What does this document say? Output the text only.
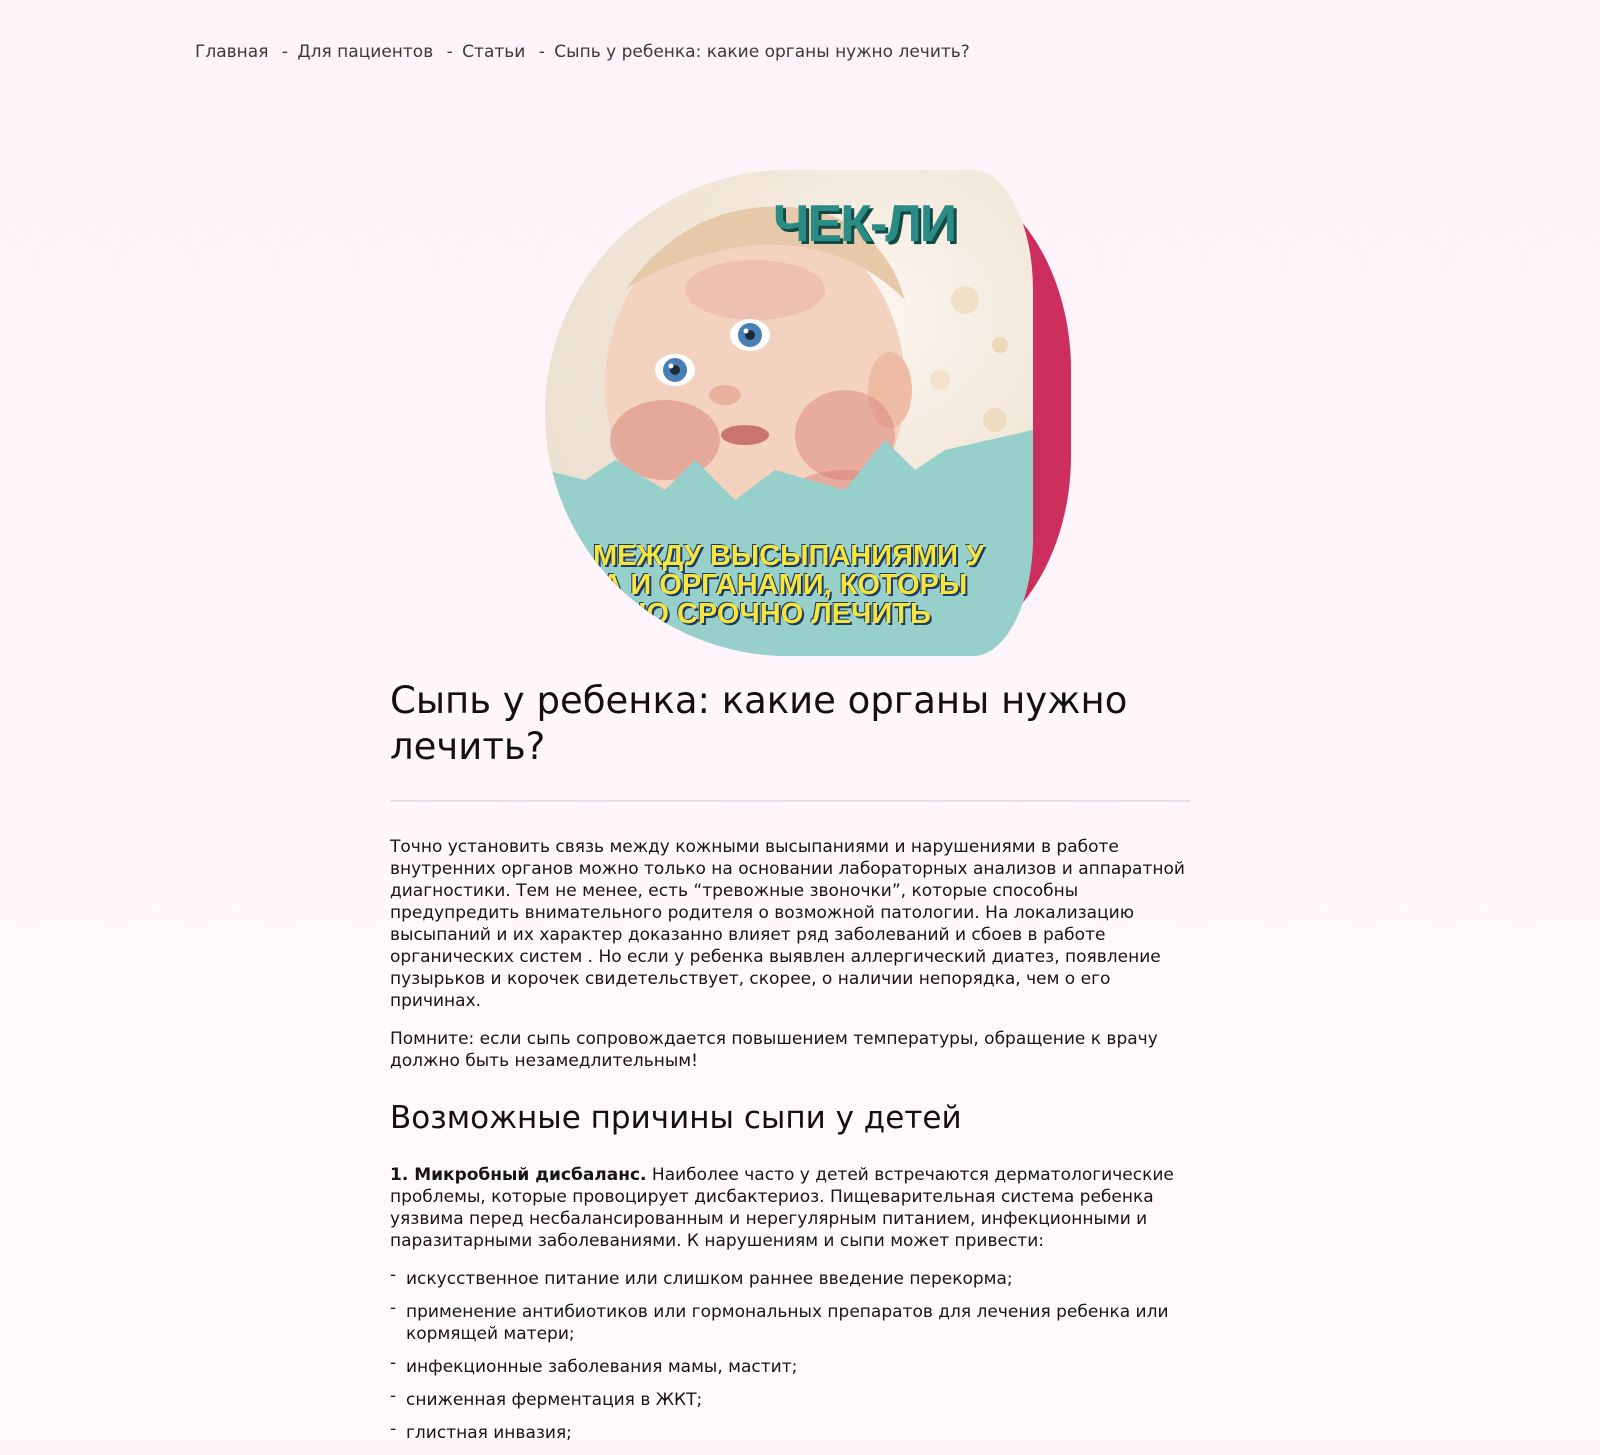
Главная - Для пациентов - Статьи - Сыпь у ребенка: какие органы нужно лечить?
ЧЕК-ЛИ
ЗЬ МЕЖДУ ВЫСЫПАНИЯМИ У
НКА И ОРГАНАМИ, КОТОРЫ
ЖНО СРОЧНО ЛЕЧИТЬ
Сыпь у ребенка: какие органы нужно лечить?

Точно установить связь между кожными высыпаниями и нарушениями в работе внутренних органов можно только на основании лабораторных анализов и аппаратной диагностики. Тем не менее, есть “тревожные звоночки”, которые способны предупредить внимательного родителя о возможной патологии. На локализацию высыпаний и их характер доказанно влияет ряд заболеваний и сбоев в работе органических систем . Но если у ребенка выявлен аллергический диатез, появление пузырьков и корочек свидетельствует, скорее, о наличии непорядка, чем о его причинах.

Помните: если сыпь сопровождается повышением температуры, обращение к врачу должно быть незамедлительным!

Возможные причины сыпи у детей

1. Микробный дисбаланс. Наиболее часто у детей встречаются дерматологические проблемы, которые провоцирует дисбактериоз. Пищеварительная система ребенка уязвима перед несбалансированным и нерегулярным питанием, инфекционными и паразитарными заболеваниями. К нарушениям и сыпи может привести:

- искусственное питание или слишком раннее введение перекорма;
- применение антибиотиков или гормональных препаратов для лечения ребенка или кормящей матери;
- инфекционные заболевания мамы, мастит;
- сниженная ферментация в ЖКТ;
- глистная инвазия;
